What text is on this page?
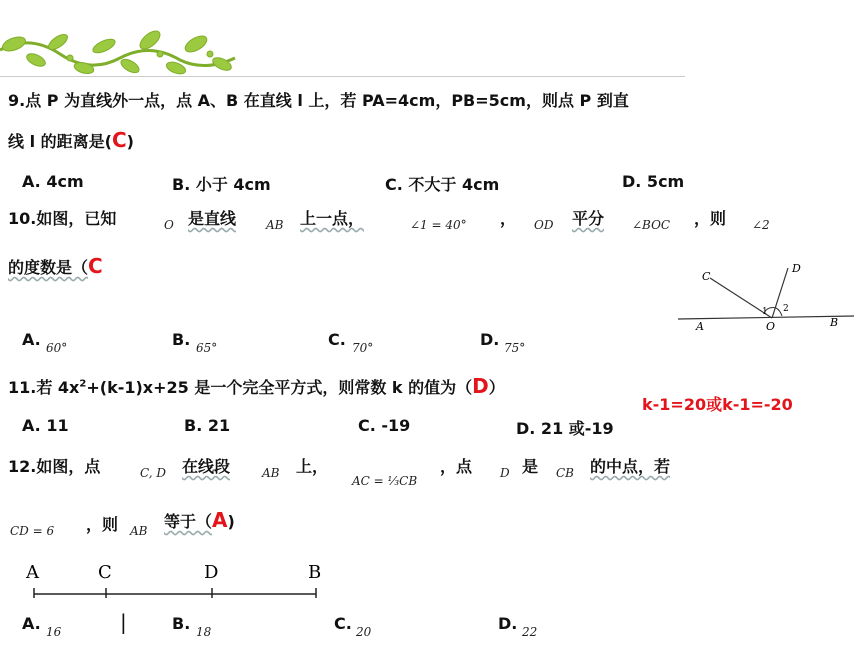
9.点 P 为直线外一点，点 A、B 在直线 l 上，若 PA=4cm，PB=5cm，则点 P 到直
线 l 的距离是(C)
A. 4cm	B. 小于 4cm	C. 不大于 4cm	D. 5cm
10.如图，已知	O 是直线 AB 上一点，	∠1 = 40° ， OD 平分 ∠BOC ，则 ∠2
的度数是（C	C
D
1 2
A	O	B
A. 60°	B. 65°	C. 70°	D. 75°
11.若 $4x^2+(k-1)x+25$ 是一个完全平方式，则常数 k 的值为（D）
k-1=20或k-1=-20
A. 11	B. 21	C. -19	D. 21 或-19
12.如图，点	C, D 在线段	AB 上，
AC = ⅓CB
，点 D 是 CB 的中点，若
CD = 6 ，则 AB 等于（A)
A	C	D	B
A. 16	|	B. 18	C. 20	D. 22
